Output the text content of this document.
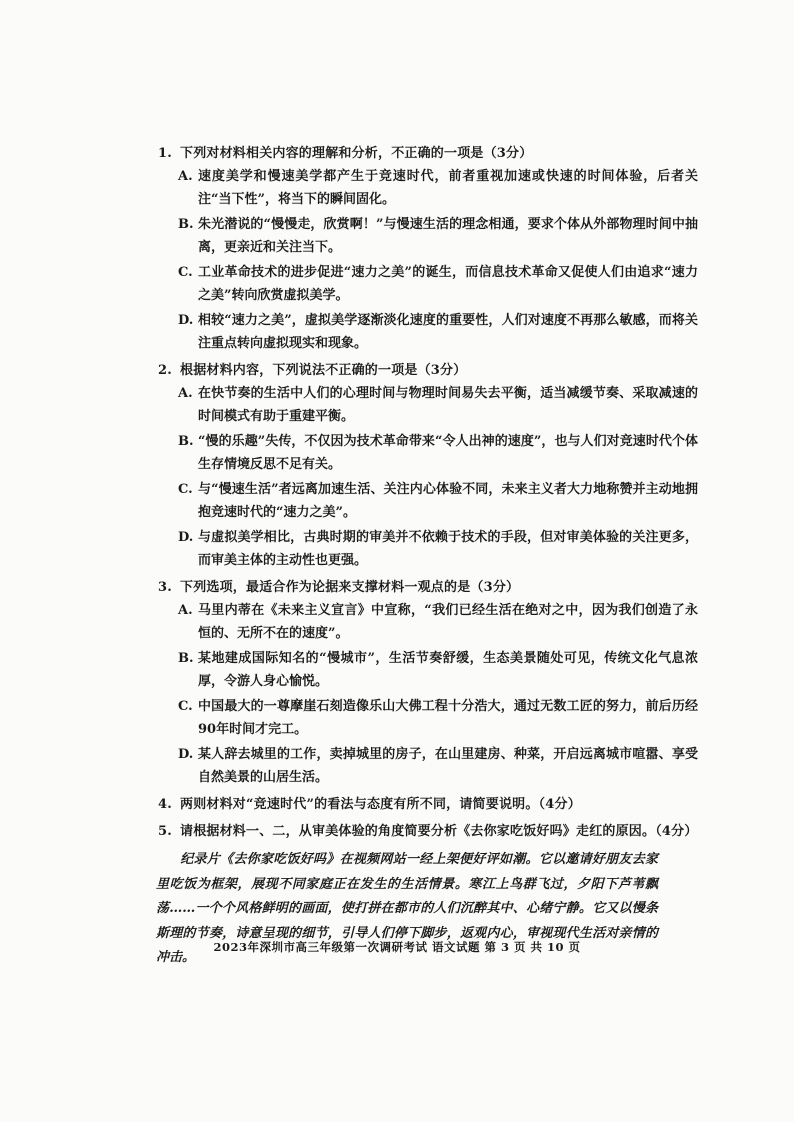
1. 下列对材料相关内容的理解和分析，不正确的一项是（3分）
A. 速度美学和慢速美学都产生于竞速时代，前者重视加速或快速的时间体验，后者关注“当下性”，将当下的瞬间固化。
B. 朱光潜说的“慢慢走，欣赏啊！”与慢速生活的理念相通，要求个体从外部物理时间中抽离，更亲近和关注当下。
C. 工业革命技术的进步促进“速力之美”的诞生，而信息技术革命又促使人们由追求“速力之美”转向欣赏虚拟美学。
D. 相较“速力之美”，虚拟美学逐渐淡化速度的重要性，人们对速度不再那么敏感，而将关注重点转向虚拟现实和现象。
2. 根据材料内容，下列说法不正确的一项是（3分）
A. 在快节奏的生活中人们的心理时间与物理时间易失去平衡，适当减缓节奏、采取减速的时间模式有助于重建平衡。
B. “慢的乐趣”失传，不仅因为技术革命带来“令人出神的速度”，也与人们对竞速时代个体生存情境反思不足有关。
C. 与“慢速生活”者远离加速生活、关注内心体验不同，未来主义者大力地称赞并主动地拥抱竞速时代的“速力之美”。
D. 与虚拟美学相比，古典时期的审美并不依赖于技术的手段，但对审美体验的关注更多，而审美主体的主动性也更强。
3. 下列选项，最适合作为论据来支撑材料一观点的是（3分）
A. 马里内蒂在《未来主义宣言》中宣称，“我们已经生活在绝对之中，因为我们创造了永恒的、无所不在的速度”。
B. 某地建成国际知名的“慢城市”，生活节奏舒缓，生态美景随处可见，传统文化气息浓厚，令游人身心愉悦。
C. 中国最大的一尊摩崖石刻造像乐山大佛工程十分浩大，通过无数工匠的努力，前后历经90年时间才完工。
D. 某人辞去城里的工作，卖掉城里的房子，在山里建房、种菜，开启远离城市喧嚣、享受自然美景的山居生活。
4. 两则材料对“竞速时代”的看法与态度有所不同，请简要说明。（4分）
5. 请根据材料一、二，从审美体验的角度简要分析《去你家吃饭好吗》走红的原因。（4分）
纪录片《去你家吃饭好吗》在视频网站一经上架便好评如潮。它以邀请好朋友去家里吃饭为框架，展现不同家庭正在发生的生活情景。寒江上鸟群飞过，夕阳下芦苇飘荡……一个个风格鲜明的画面，使打拼在都市的人们沉醉其中、心绪宁静。它又以慢条斯理的节奏，诗意呈现的细节，引导人们停下脚步，返观内心，审视现代生活对亲情的冲击。
2023年深圳市高三年级第一次调研考试 语文试题 第 3 页 共 10 页
